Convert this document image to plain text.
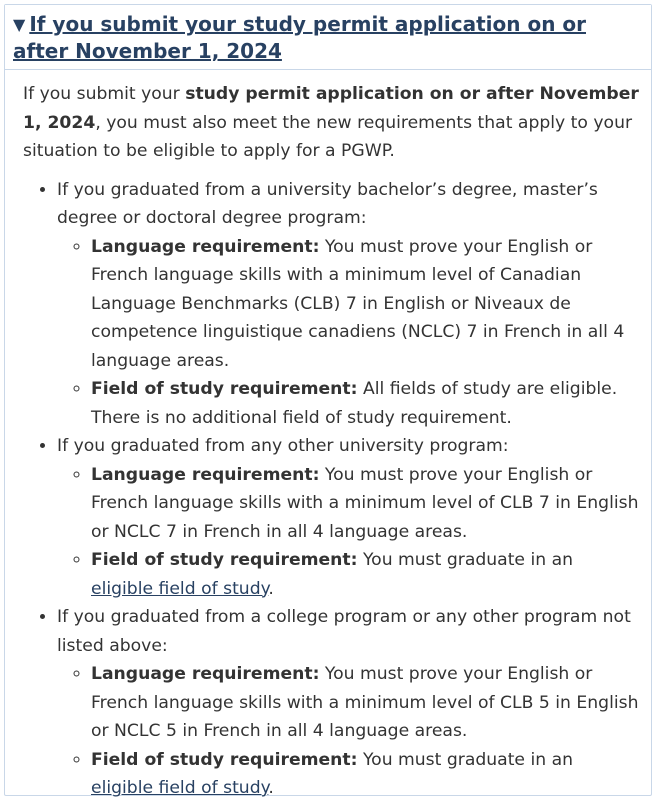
▼ If you submit your study permit application on or after November 1, 2024

If you submit your study permit application on or after November 1, 2024, you must also meet the new requirements that apply to your situation to be eligible to apply for a PGWP.

• If you graduated from a university bachelor’s degree, master’s degree or doctoral degree program:
◦ Language requirement: You must prove your English or French language skills with a minimum level of Canadian Language Benchmarks (CLB) 7 in English or Niveaux de competence linguistique canadiens (NCLC) 7 in French in all 4 language areas.
◦ Field of study requirement: All fields of study are eligible. There is no additional field of study requirement.
• If you graduated from any other university program:
◦ Language requirement: You must prove your English or French language skills with a minimum level of CLB 7 in English or NCLC 7 in French in all 4 language areas.
◦ Field of study requirement: You must graduate in an eligible field of study.
• If you graduated from a college program or any other program not listed above:
◦ Language requirement: You must prove your English or French language skills with a minimum level of CLB 5 in English or NCLC 5 in French in all 4 language areas.
◦ Field of study requirement: You must graduate in an eligible field of study.
